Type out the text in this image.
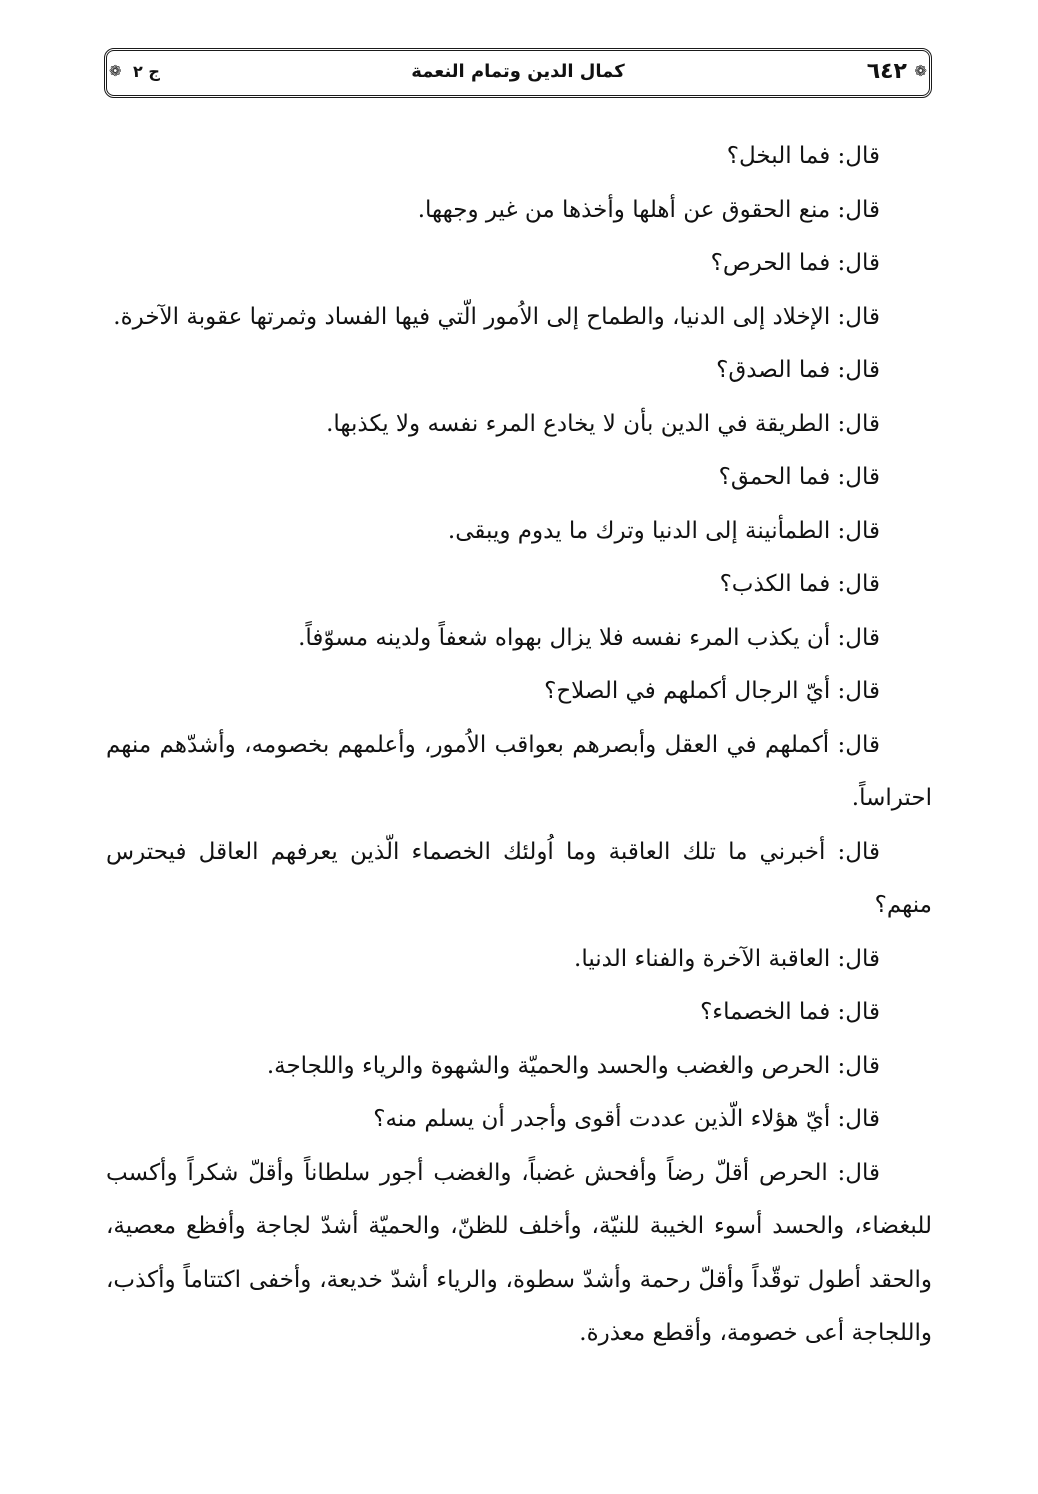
❁
٦٤٢
كمال الدين وتمام النعمة
ج ٢
❁

قال: فما البخل؟

قال: منع الحقوق عن أهلها وأخذها من غير وجهها.

قال: فما الحرص؟

قال: الإخلاد إلى الدنيا، والطماح إلى الاُمور الّتي فيها الفساد وثمرتها عقوبة الآخرة.

قال: فما الصدق؟

قال: الطريقة في الدين بأن لا يخادع المرء نفسه ولا يكذبها.

قال: فما الحمق؟

قال: الطمأنينة إلى الدنيا وترك ما يدوم ويبقى.

قال: فما الكذب؟

قال: أن يكذب المرء نفسه فلا يزال بهواه شعفاً ولدينه مسوّفاً.

قال: أيّ الرجال أكملهم في الصلاح؟

قال: أكملهم في العقل وأبصرهم بعواقب الاُمور، وأعلمهم بخصومه، وأشدّهم منهم احتراساً.

قال: أخبرني ما تلك العاقبة وما اُولئك الخصماء الّذين يعرفهم العاقل فيحترس منهم؟

قال: العاقبة الآخرة والفناء الدنيا.

قال: فما الخصماء؟

قال: الحرص والغضب والحسد والحميّة والشهوة والرياء واللجاجة.

قال: أيّ هؤلاء الّذين عددت أقوى وأجدر أن يسلم منه؟

قال: الحرص أقلّ رضاً وأفحش غضباً، والغضب أجور سلطاناً وأقلّ شكراً وأكسب للبغضاء، والحسد أسوء الخيبة للنيّة، وأخلف للظنّ، والحميّة أشدّ لجاجة وأفظع معصية، والحقد أطول توقّداً وأقلّ رحمة وأشدّ سطوة، والرياء أشدّ خديعة، وأخفى اكتتاماً وأكذب، واللجاجة أعى خصومة، وأقطع معذرة.
